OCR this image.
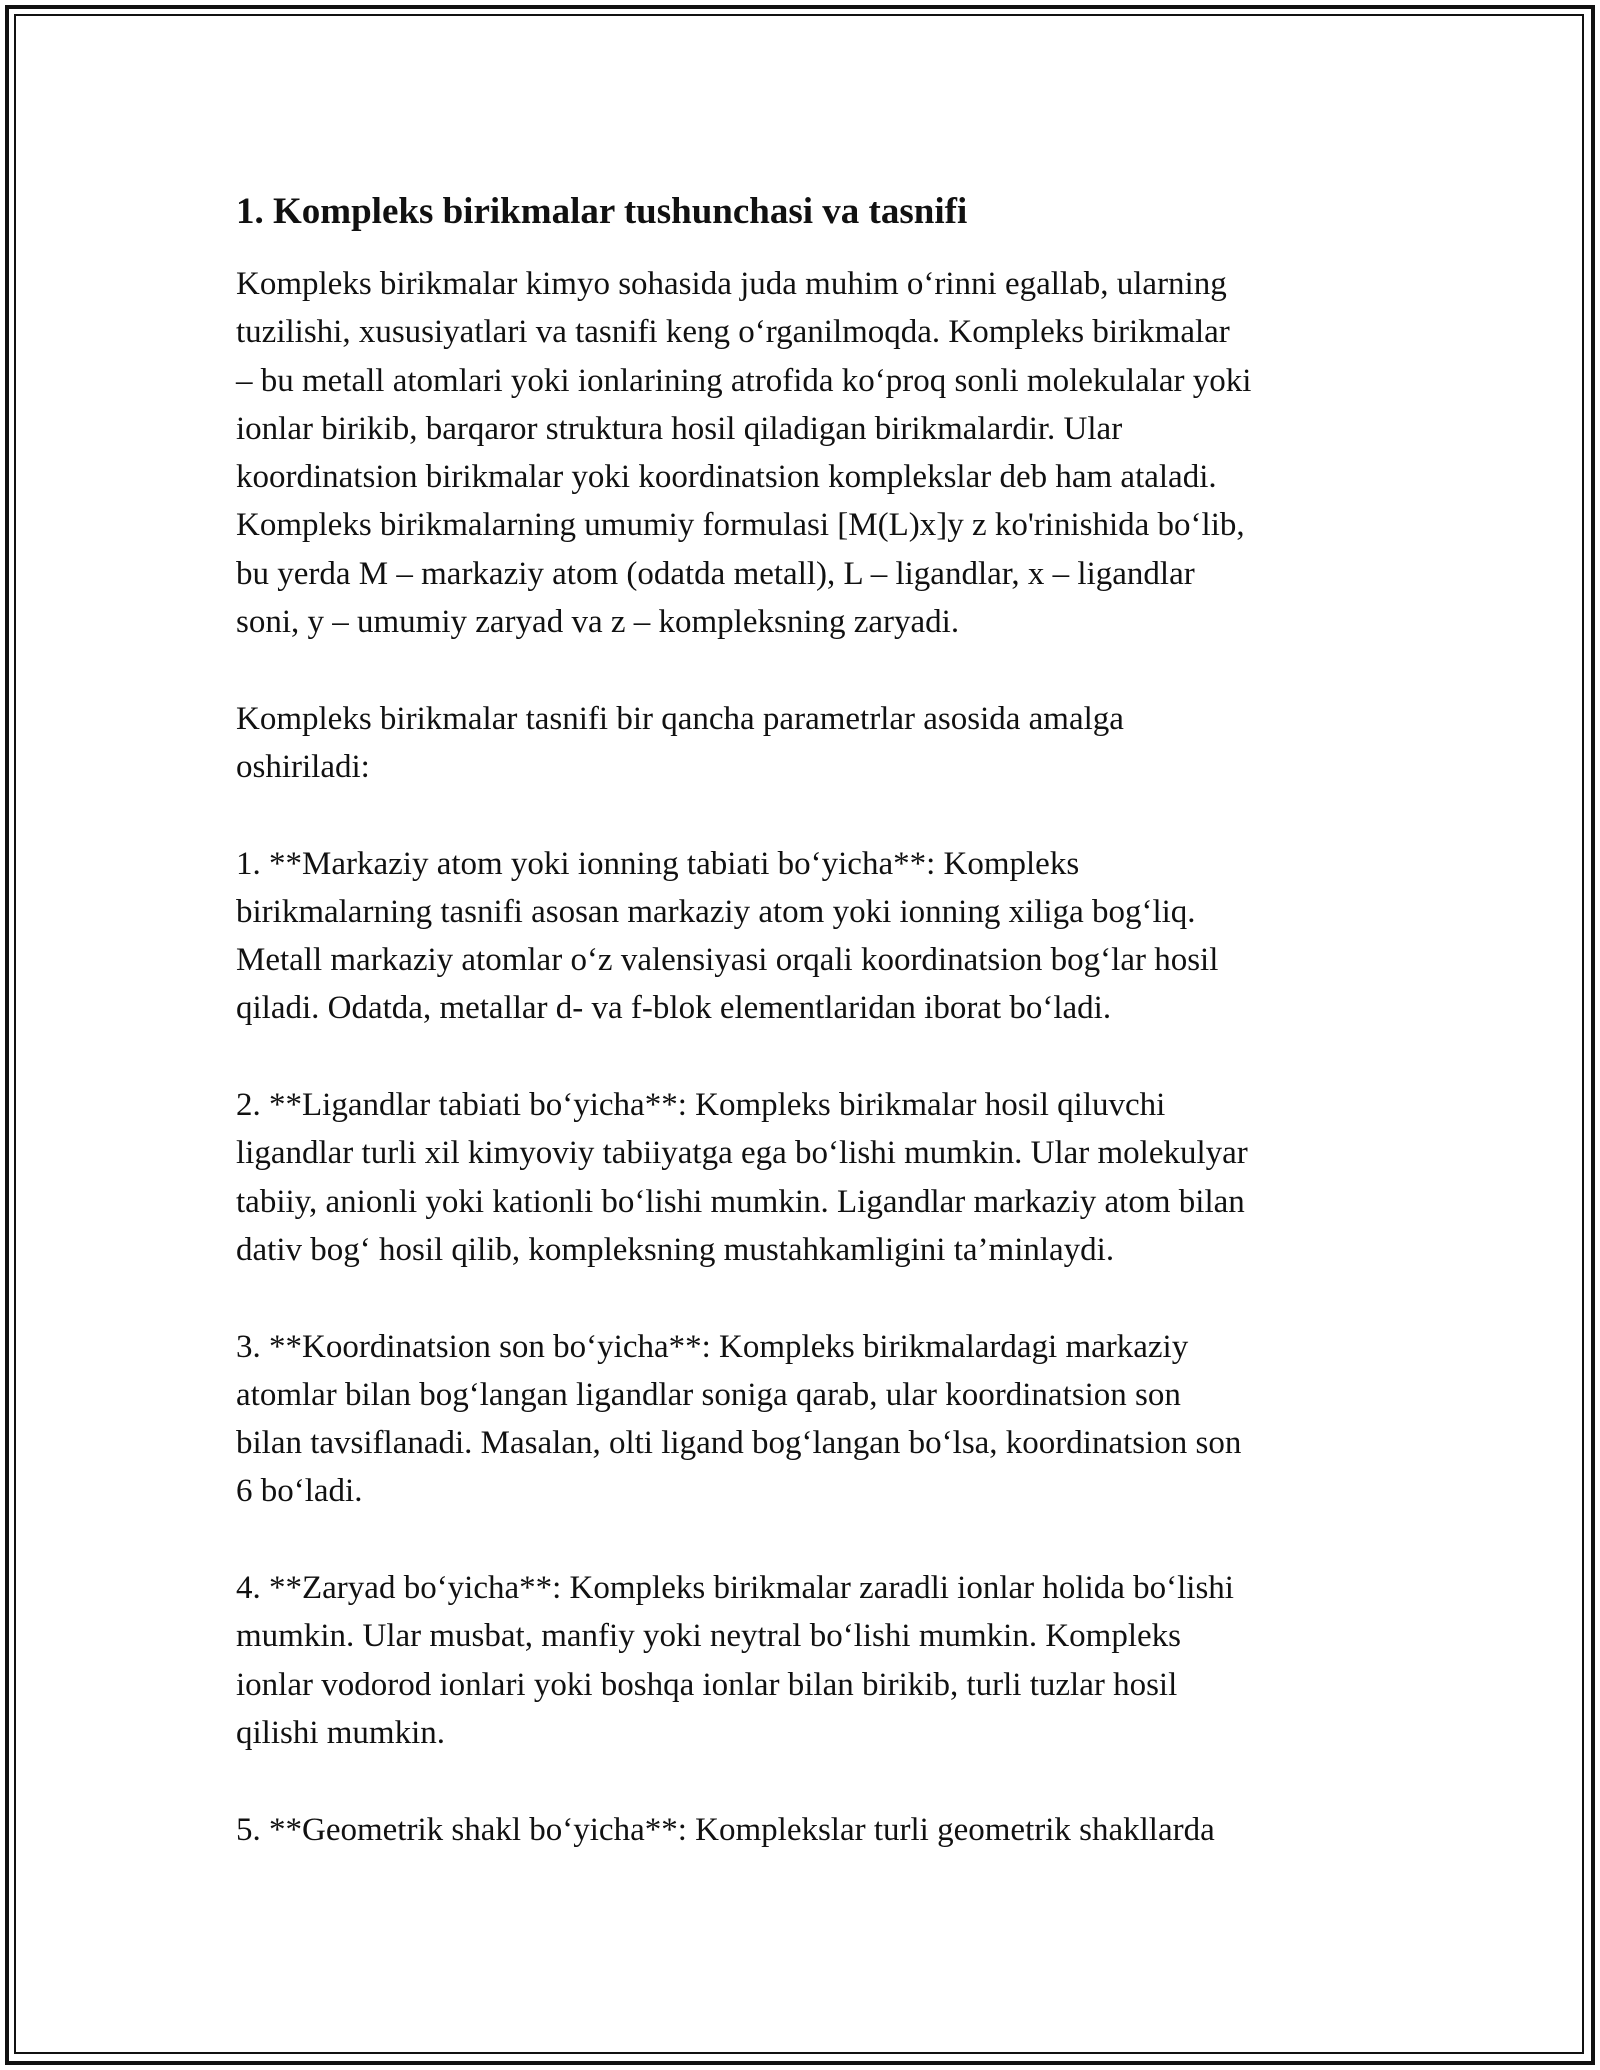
1. Kompleks birikmalar tushunchasi va tasnifi

Kompleks birikmalar kimyo sohasida juda muhim o‘rinni egallab, ularning
tuzilishi, xususiyatlari va tasnifi keng o‘rganilmoqda. Kompleks birikmalar
– bu metall atomlari yoki ionlarining atrofida ko‘proq sonli molekulalar yoki
ionlar birikib, barqaror struktura hosil qiladigan birikmalardir. Ular
koordinatsion birikmalar yoki koordinatsion komplekslar deb ham ataladi.
Kompleks birikmalarning umumiy formulasi [M(L)x]y z ko'rinishida bo‘lib,
bu yerda M – markaziy atom (odatda metall), L – ligandlar, x – ligandlar
soni, y – umumiy zaryad va z – kompleksning zaryadi.

Kompleks birikmalar tasnifi bir qancha parametrlar asosida amalga
oshiriladi:

1. **Markaziy atom yoki ionning tabiati bo‘yicha**: Kompleks
birikmalarning tasnifi asosan markaziy atom yoki ionning xiliga bog‘liq.
Metall markaziy atomlar o‘z valensiyasi orqali koordinatsion bog‘lar hosil
qiladi. Odatda, metallar d- va f-blok elementlaridan iborat bo‘ladi.

2. **Ligandlar tabiati bo‘yicha**: Kompleks birikmalar hosil qiluvchi
ligandlar turli xil kimyoviy tabiiyatga ega bo‘lishi mumkin. Ular molekulyar
tabiiy, anionli yoki kationli bo‘lishi mumkin. Ligandlar markaziy atom bilan
dativ bog‘ hosil qilib, kompleksning mustahkamligini ta’minlaydi.

3. **Koordinatsion son bo‘yicha**: Kompleks birikmalardagi markaziy
atomlar bilan bog‘langan ligandlar soniga qarab, ular koordinatsion son
bilan tavsiflanadi. Masalan, olti ligand bog‘langan bo‘lsa, koordinatsion son
6 bo‘ladi.

4. **Zaryad bo‘yicha**: Kompleks birikmalar zaradli ionlar holida bo‘lishi
mumkin. Ular musbat, manfiy yoki neytral bo‘lishi mumkin. Kompleks
ionlar vodorod ionlari yoki boshqa ionlar bilan birikib, turli tuzlar hosil
qilishi mumkin.

5. **Geometrik shakl bo‘yicha**: Komplekslar turli geometrik shakllarda
